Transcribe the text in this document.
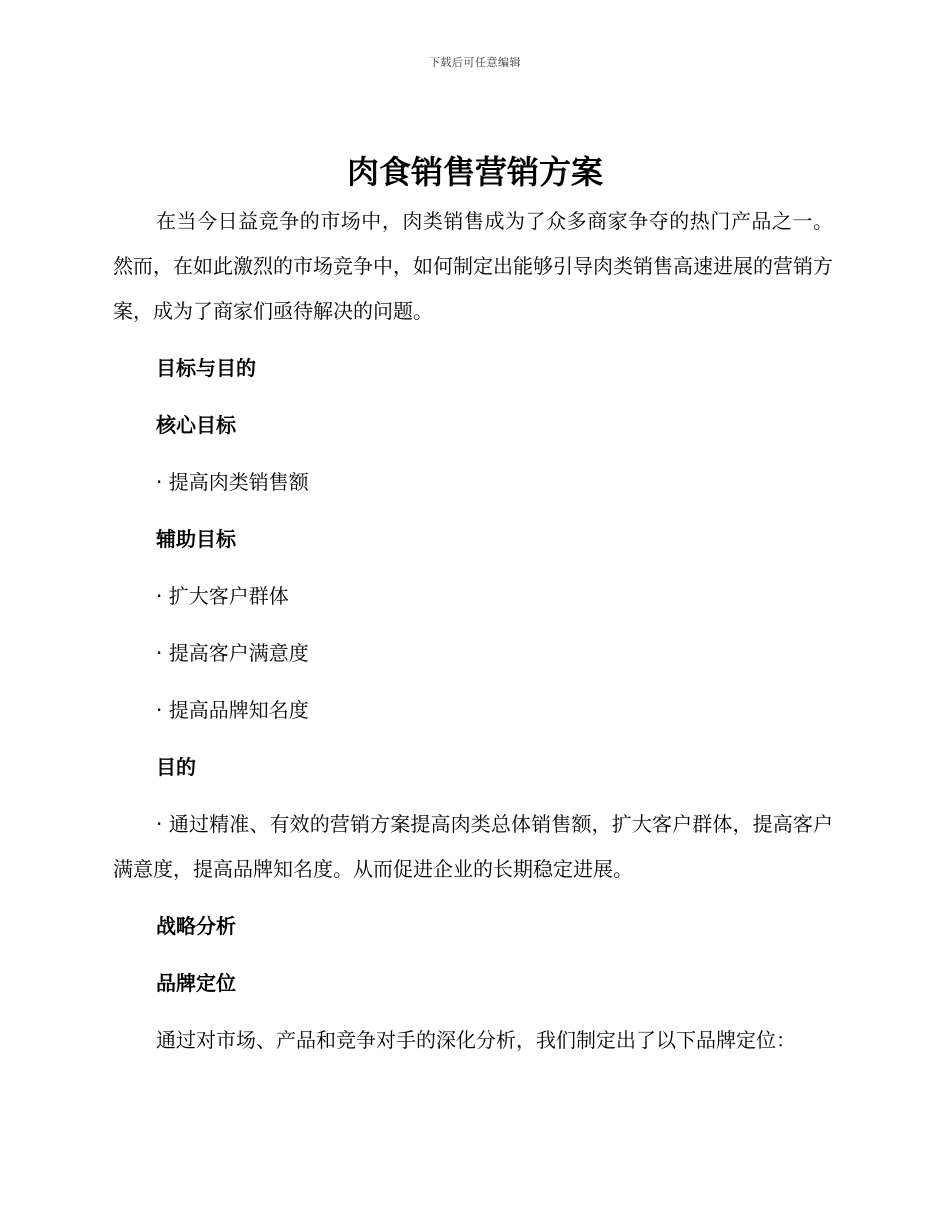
下载后可任意编辑
肉食销售营销方案

在当今日益竞争的市场中，肉类销售成为了众多商家争夺的热门产品之一。然而，在如此激烈的市场竞争中，如何制定出能够引导肉类销售高速进展的营销方案，成为了商家们亟待解决的问题。

目标与目的
核心目标
· 提高肉类销售额
辅助目标
· 扩大客户群体
· 提高客户满意度
· 提高品牌知名度
目的

· 通过精准、有效的营销方案提高肉类总体销售额，扩大客户群体，提高客户满意度，提高品牌知名度。从而促进企业的长期稳定进展。

战略分析
品牌定位

通过对市场、产品和竞争对手的深化分析，我们制定出了以下品牌定位：
